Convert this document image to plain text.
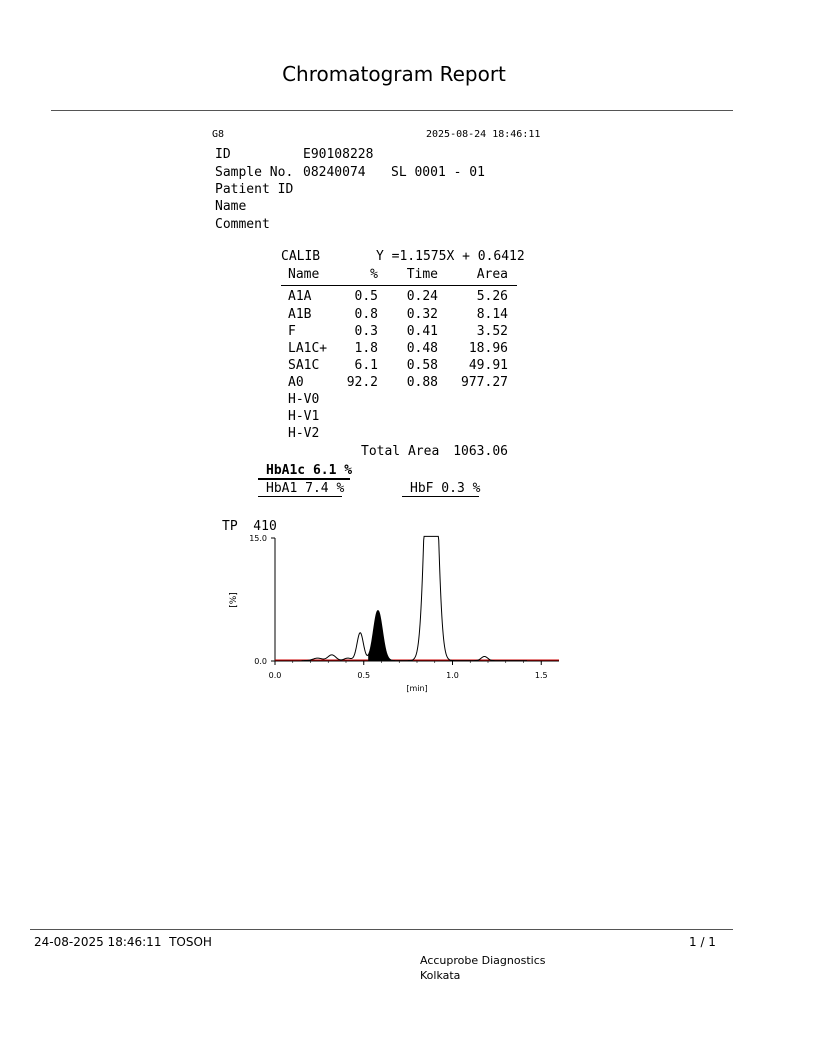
Chromatogram Report
G8	2025-08-24 18:46:11
ID	E90108228
Sample No. 08240074 SL 0001 - 01
Patient ID
Name
Comment
CALIB	Y =1.1575X + 0.6412
Name	%	Time	Area
A1A	0.5	0.24	5.26
A1B	0.8	0.32	8.14
F	0.3	0.41	3.52
LA1C+	1.8	0.48	18.96
SA1C	6.1	0.58	49.91
A0	92.2	0.88	977.27
H-V0
H-V1
H-V2
Total Area 1063.06
HbA1c 6.1 %
HbA1 7.4 %	HbF 0.3 %
TP  410
0.0	0.5	1.0	1.5
0.0
15.0
[min]
[%]
24-08-2025 18:46:11  TOSOH	1 / 1
Accuprobe Diagnostics
Kolkata
